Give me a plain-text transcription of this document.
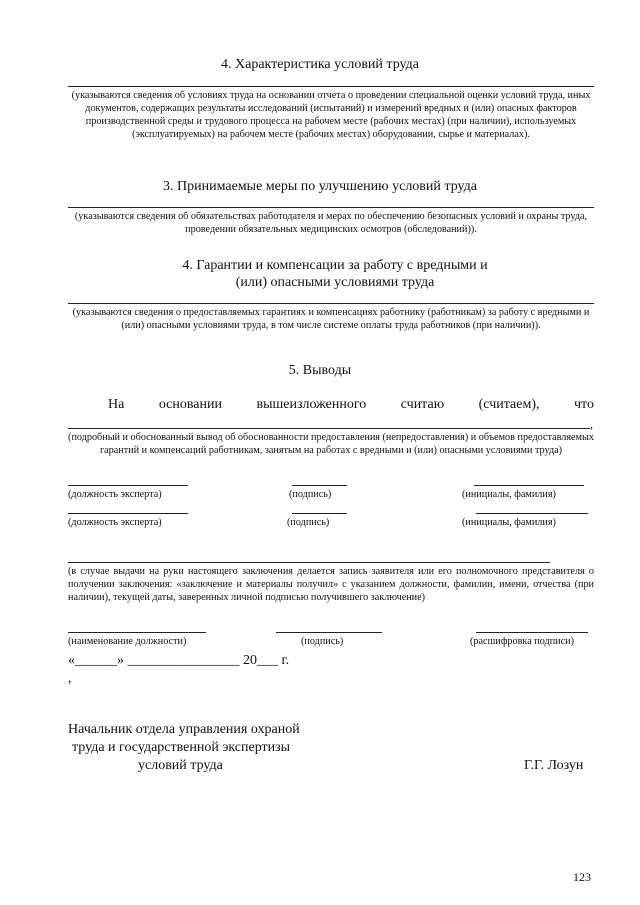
4. Характеристика условий труда
(указываются сведения об условиях труда на основании отчета о проведении специальной оценки условий труда, иных документов, содержащих результаты исследований (испытаний) и измерений вредных и (или) опасных факторов производственной среды и трудового процесса на рабочем месте (рабочих местах) (при наличии), используемых (эксплуатируемых) на рабочем месте (рабочих местах) оборудовании, сырье и материалах).
3. Принимаемые меры по улучшению условий труда
(указываются сведения об обязательствах работодателя и мерах по обеспечению безопасных условий и охраны труда, проведении обязательных медицинских осмотров (обследований)).
4. Гарантии и компенсации за работу с вредными и
(или) опасными условиями труда
(указываются сведения о предоставляемых гарантиях и компенсациях работнику (работникам) за работу с вредными и (или) опасными условиями труда, в том числе системе оплаты труда работников (при наличии)).
5. Выводы
На основании вышеизложенного считаю (считаем), что
,
(подробный и обоснованный вывод об обоснованности предоставления (непредоставления) и объемов предоставляемых гарантий и компенсаций работникам, занятым на работах с вредными и (или) опасными условиями труда)
(должность эксперта)	(подпись)	(инициалы, фамилия)
(должность эксперта)	(подпись)	(инициалы, фамилия)
(в случае выдачи на руки настоящего заключения делается запись заявителя или его полномочного представителя о получении заключения: «заключение и материалы получил» с указанием должности, фамилии, имени, отчества (при наличии), текущей даты, заверенных личной подписью получившего заключение)
(наименование должности)	(подпись)	(расшифровка подписи)
«______» ________________ 20___ г.
,
Начальник отдела управления охраной
труда и государственной экспертизы
условий труда	Г.Г. Лозун
123
